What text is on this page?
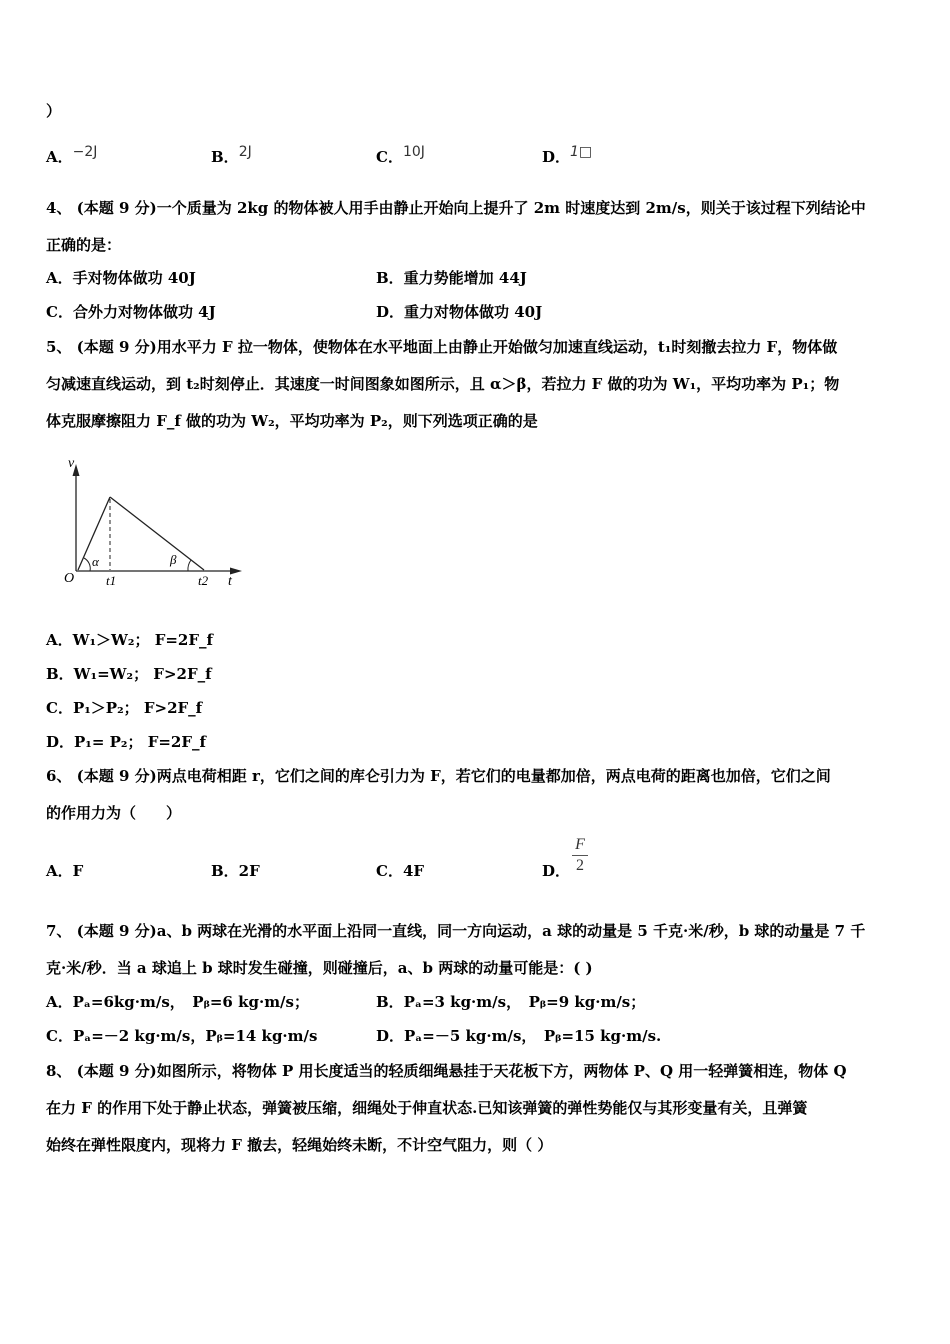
）
A．−2J	B．2J	C．10J	D．1□
4、 (本题 9 分)一个质量为 2kg 的物体被人用手由静止开始向上提升了 2m 时速度达到 2m/s，则关于该过程下列结论中
正确的是：
A．手对物体做功 40J	B．重力势能增加 44J
C．合外力对物体做功 4J	D．重力对物体做功 40J
5、 (本题 9 分)用水平力 F 拉一物体，使物体在水平地面上由静止开始做匀加速直线运动，t₁时刻撤去拉力 F，物体做
匀减速直线运动，到 t₂时刻停止．其速度一时间图象如图所示，且 α＞β，若拉力 F 做的功为 W₁，平均功率为 P₁；物
体克服摩擦阻力 F_f 做的功为 W₂，平均功率为 P₂，则下列选项正确的是
v
O
α	β
t1	t2 t
A．W₁＞W₂； F=2F_f
B．W₁=W₂； F>2F_f
C．P₁＞P₂； F>2F_f
D．P₁= P₂； F=2F_f
6、 (本题 9 分)两点电荷相距 r，它们之间的库仑引力为 F，若它们的电量都加倍，两点电荷的距离也加倍，它们之间
的作用力为（　　）
A．F	B．2F	C．4F	D．
F
2
7、 (本题 9 分)a、b 两球在光滑的水平面上沿同一直线，同一方向运动，a 球的动量是 5 千克·米/秒，b 球的动量是 7 千
克·米/秒．当 a 球追上 b 球时发生碰撞，则碰撞后，a、b 两球的动量可能是：( )
A．Pₐ=6kg·m/s，　Pᵦ=6 kg·m/s；	B．Pₐ=3 kg·m/s，　Pᵦ=9 kg·m/s；
C．Pₐ=－2 kg·m/s，Pᵦ=14 kg·m/s	D．Pₐ=－5 kg·m/s，　Pᵦ=15 kg·m/s.
8、 (本题 9 分)如图所示，将物体 P 用长度适当的轻质细绳悬挂于天花板下方，两物体 P、Q 用一轻弹簧相连，物体 Q
在力 F 的作用下处于静止状态，弹簧被压缩，细绳处于伸直状态.已知该弹簧的弹性势能仅与其形变量有关，且弹簧
始终在弹性限度内，现将力 F 撤去，轻绳始终未断，不计空气阻力，则（ ）
